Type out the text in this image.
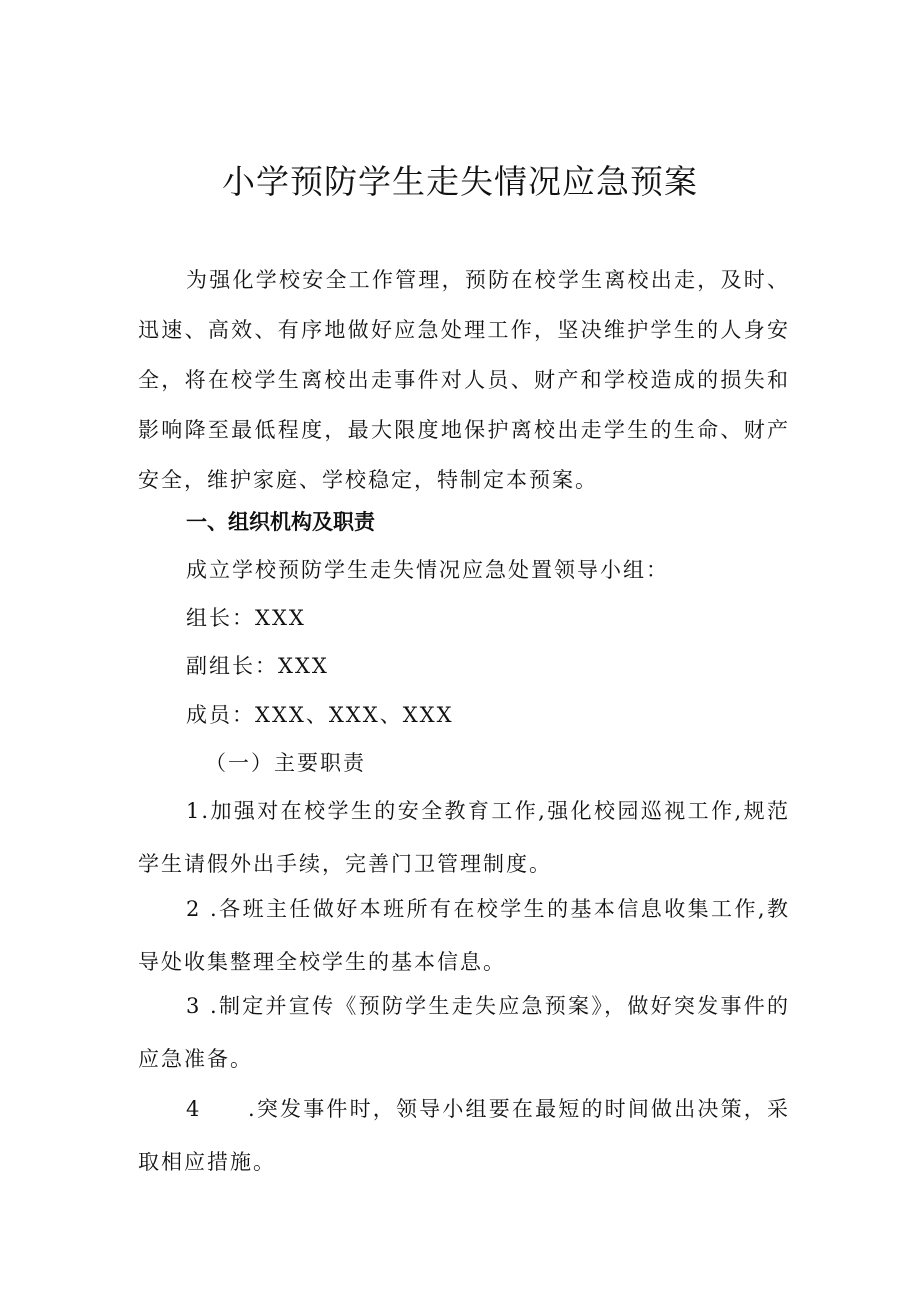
小学预防学生走失情况应急预案
为强化学校安全工作管理，预防在校学生离校出走，及时、迅速、高效、有序地做好应急处理工作，坚决维护学生的人身安全，将在校学生离校出走事件对人员、财产和学校造成的损失和影响降至最低程度，最大限度地保护离校出走学生的生命、财产安全，维护家庭、学校稳定，特制定本预案。
一、组织机构及职责
成立学校预防学生走失情况应急处置领导小组：
组长：XXX
副组长：XXX
成员：XXX、XXX、XXX
（一）主要职责
1.加强对在校学生的安全教育工作,强化校园巡视工作,规范学生请假外出手续，完善门卫管理制度。
2 .各班主任做好本班所有在校学生的基本信息收集工作,教导处收集整理全校学生的基本信息。
3 .制定并宣传《预防学生走失应急预案》，做好突发事件的应急准备。
4 .突发事件时，领导小组要在最短的时间做出决策，采取相应措施。
